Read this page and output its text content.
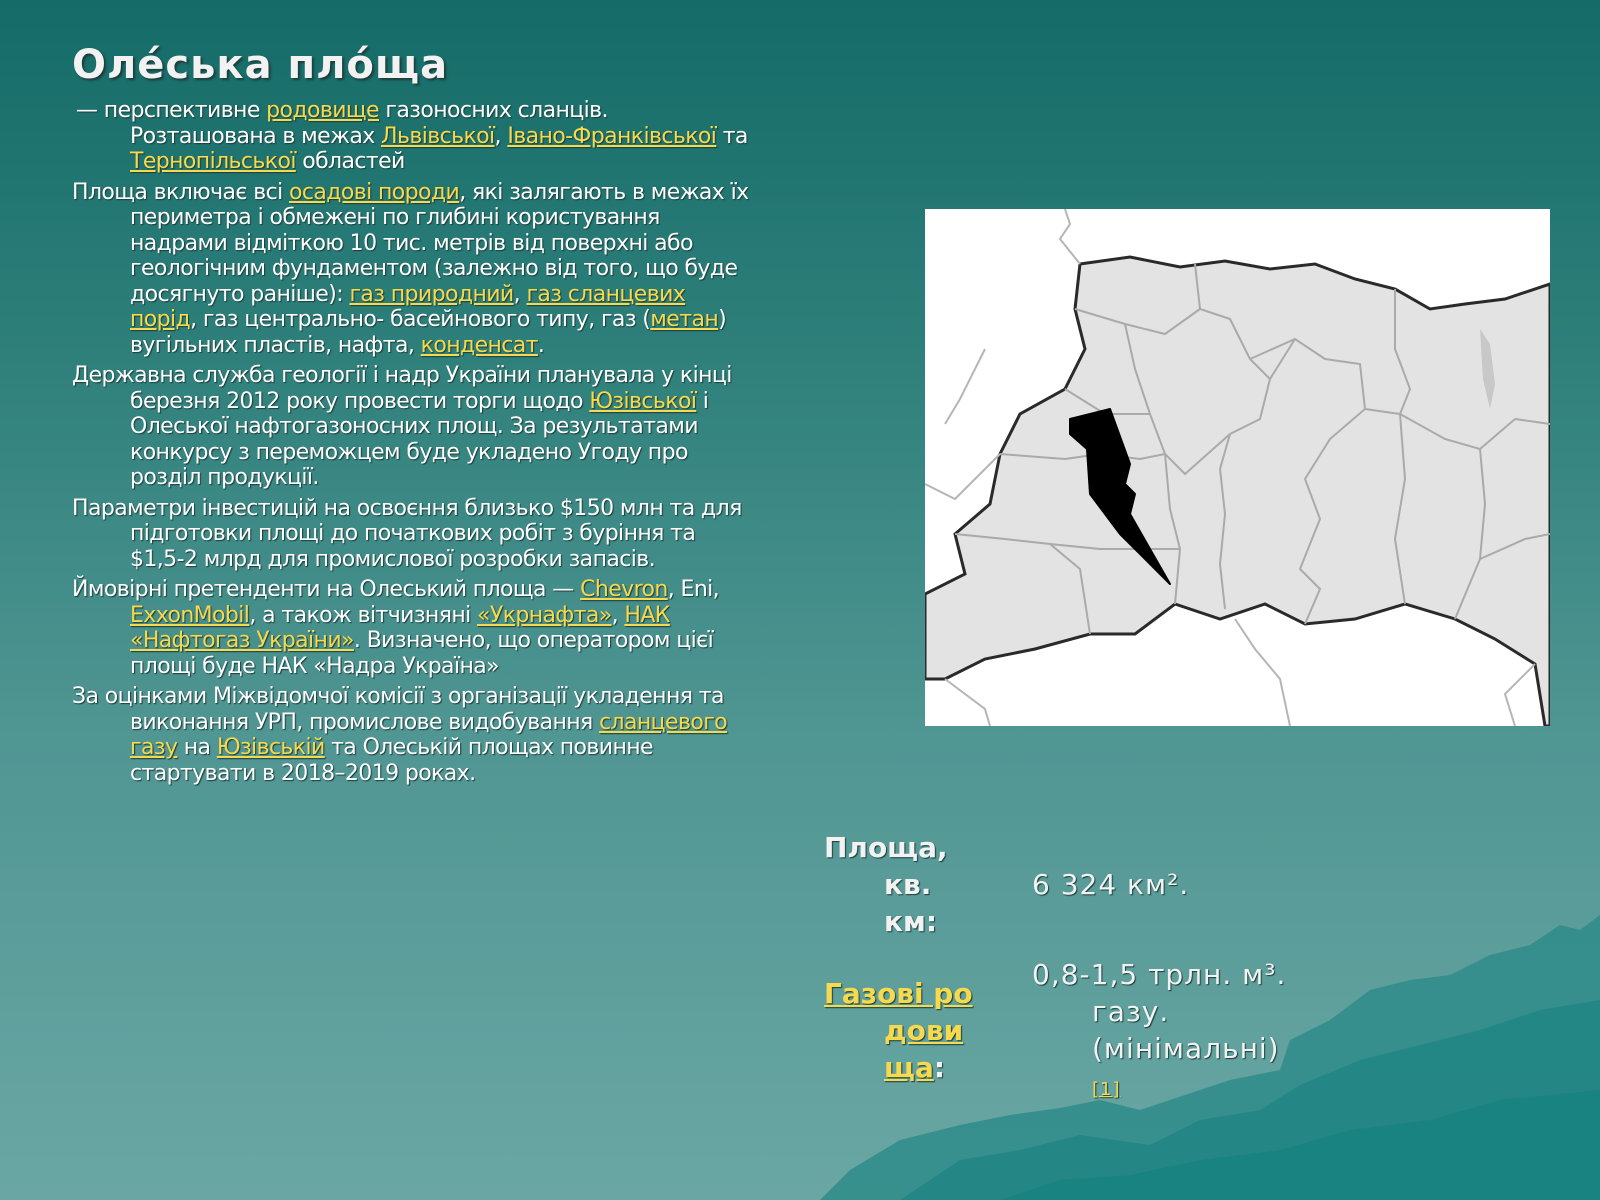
Оле́ська пло́ща

— перспективне родовище газоносних сланців. Розташована в межах Львівської, Івано-Франківської та Тернопільської областей

Площа включає всі осадові породи, які залягають в межах їх периметра і обмежені по глибині користування надрами відміткою 10 тис. метрів від поверхні або геологічним фундаментом (залежно від того, що буде досягнуто раніше): газ природний, газ сланцевих порід, газ центрально- басейнового типу, газ (метан) вугільних пластів, нафта, конденсат.

Державна служба геології і надр України планувала у кінці березня 2012 року провести торги щодо Юзівської і Олеської нафтогазоносних площ. За результатами конкурсу з переможцем буде укладено Угоду про розділ продукції.

Параметри інвестицій на освоєння близько $150 млн та для підготовки площі до початкових робіт з буріння та $1,5-2 млрд для промислової розробки запасів.

Ймовірні претенденти на Олеський площа — Chevron, Eni, ExxonMobil, а також вітчизняні «Укрнафта», НАК «Нафтогаз України». Визначено, що оператором цієї площі буде НАК «Надра Україна»

За оцінками Міжвідомчої комісії з організації укладення та виконання УРП, промислове видобування сланцевого газу на Юзівській та Олеській площах повинне стартувати в 2018–2019 роках.

Площа, кв. км:
6 324 км².
Газові родовища:
0,8-1,5 трлн. м³. газу. (мінімальні)
[1]
